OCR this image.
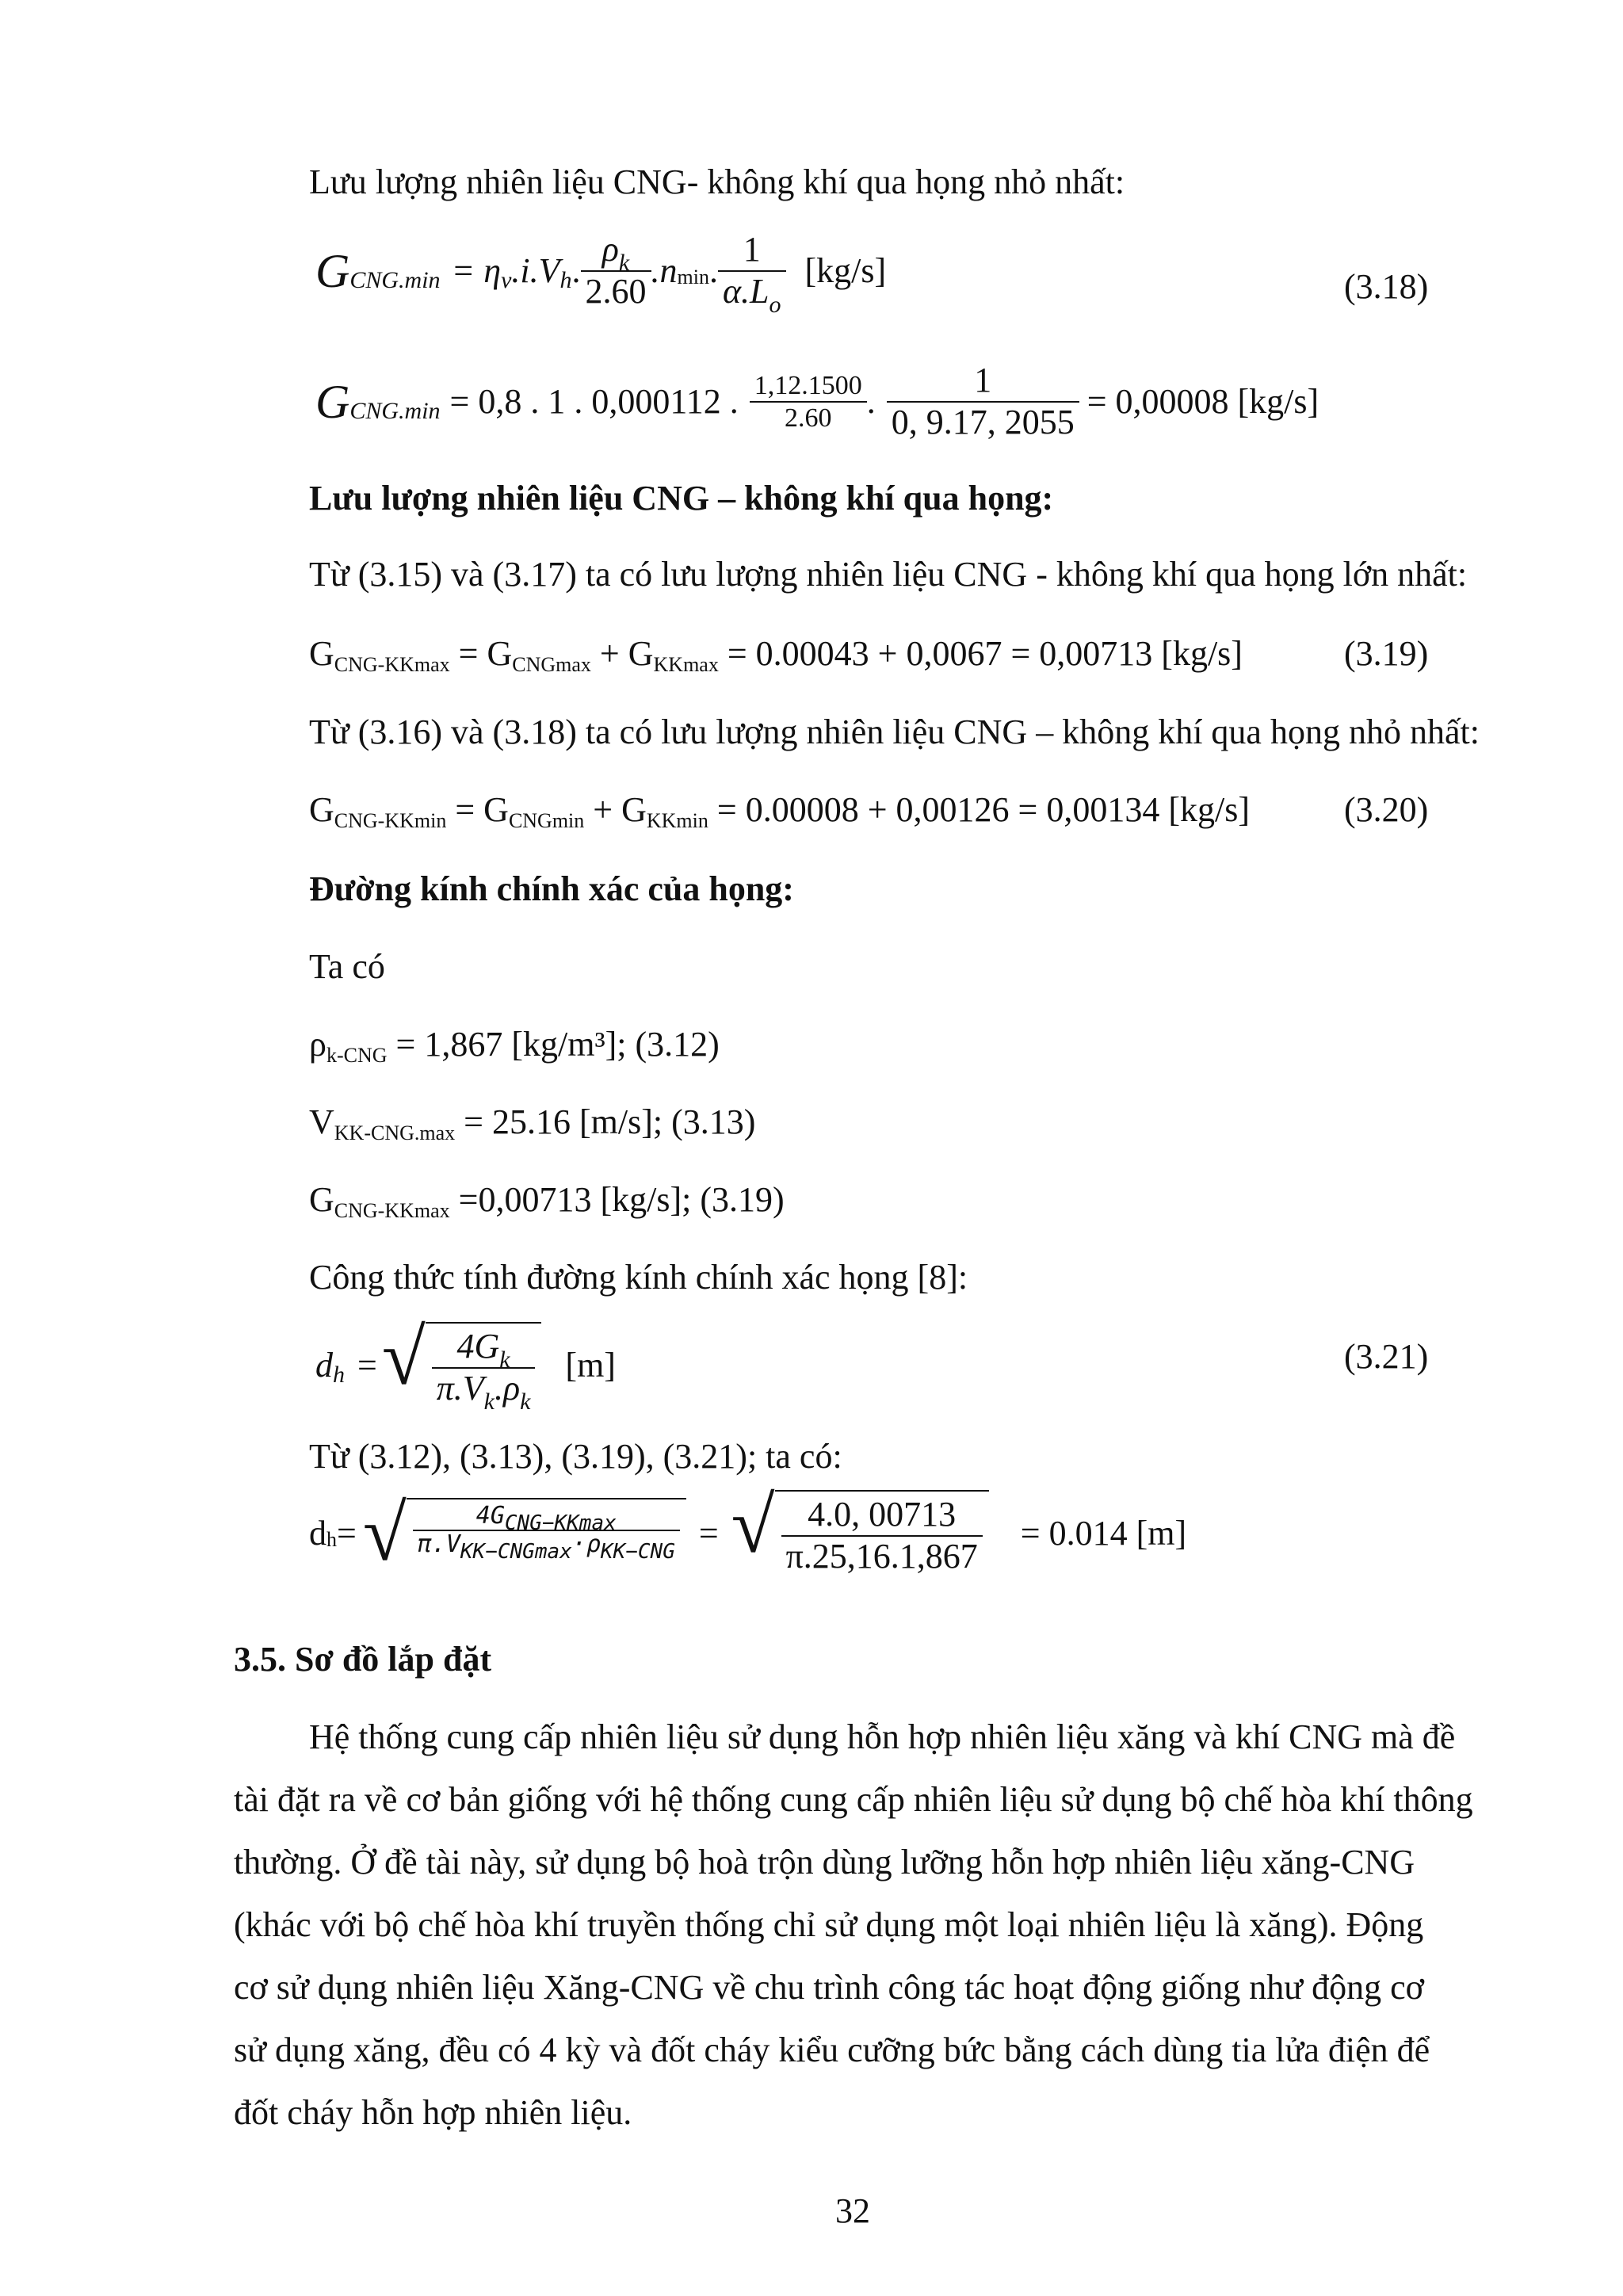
Lưu lượng nhiên liệu CNG- không khí qua họng nhỏ nhất:
G CNG.min = η v .i.V h . $\frac{\rho_k}{2.60} .n$ min . $\frac{1}{\alpha.L_o} [kg/s]$	(3.18)
G CNG.min = 0,8 . 1 . 0,000112 . $\frac{1,12.1500}{2.60}$ . $\frac{1}{0, 9.17, 2055} = 0,00008$ [kg/s]
Lưu lượng nhiên liệu CNG – không khí qua họng:
Từ (3.15) và (3.17) ta có lưu lượng nhiên liệu CNG - không khí qua họng lớn nhất:
GCNG-KKmax = GCNGmax + GKKmax = 0.00043 + 0,0067 = 0,00713 [kg/s]	(3.19)
Từ (3.16) và (3.18) ta có lưu lượng nhiên liệu CNG – không khí qua họng nhỏ nhất:
GCNG-KKmin = GCNGmin + GKKmin = 0.00008 + 0,00126 = 0,00134 [kg/s]	(3.20)
Đường kính chính xác của họng:
Ta có
ρk-CNG = 1,867 [kg/m³]; (3.12)
VKK-CNG.max = 25.16 [m/s]; (3.13)
GCNG-KKmax =0,00713 [kg/s]; (3.19)
Công thức tính đường kính chính xác họng [8]:
d h = √ $\frac{4G_k}{\pi.V_k.\rho_k} [m]$	(3.21)
Từ (3.12), (3.13), (3.19), (3.21); ta có:
d h = √ $\frac{\text{4GCNG−KKmax}}{\text{π.VKK−CNGmax·ρKK−CNG}}$ = √ $\frac{4.0, 00713}{\pi.25,16.1,867} = 0.014$ [m]
3.5. Sơ đồ lắp đặt
Hệ thống cung cấp nhiên liệu sử dụng hỗn hợp nhiên liệu xăng và khí CNG mà đề
tài đặt ra về cơ bản giống với hệ thống cung cấp nhiên liệu sử dụng bộ chế hòa khí thông
thường. Ở đề tài này, sử dụng bộ hoà trộn dùng lưỡng hỗn hợp nhiên liệu xăng-CNG
(khác với bộ chế hòa khí truyền thống chỉ sử dụng một loại nhiên liệu là xăng). Động
cơ sử dụng nhiên liệu Xăng-CNG về chu trình công tác hoạt động giống như động cơ
sử dụng xăng, đều có 4 kỳ và đốt cháy kiểu cưỡng bức bằng cách dùng tia lửa điện để
đốt cháy hỗn hợp nhiên liệu.
32
